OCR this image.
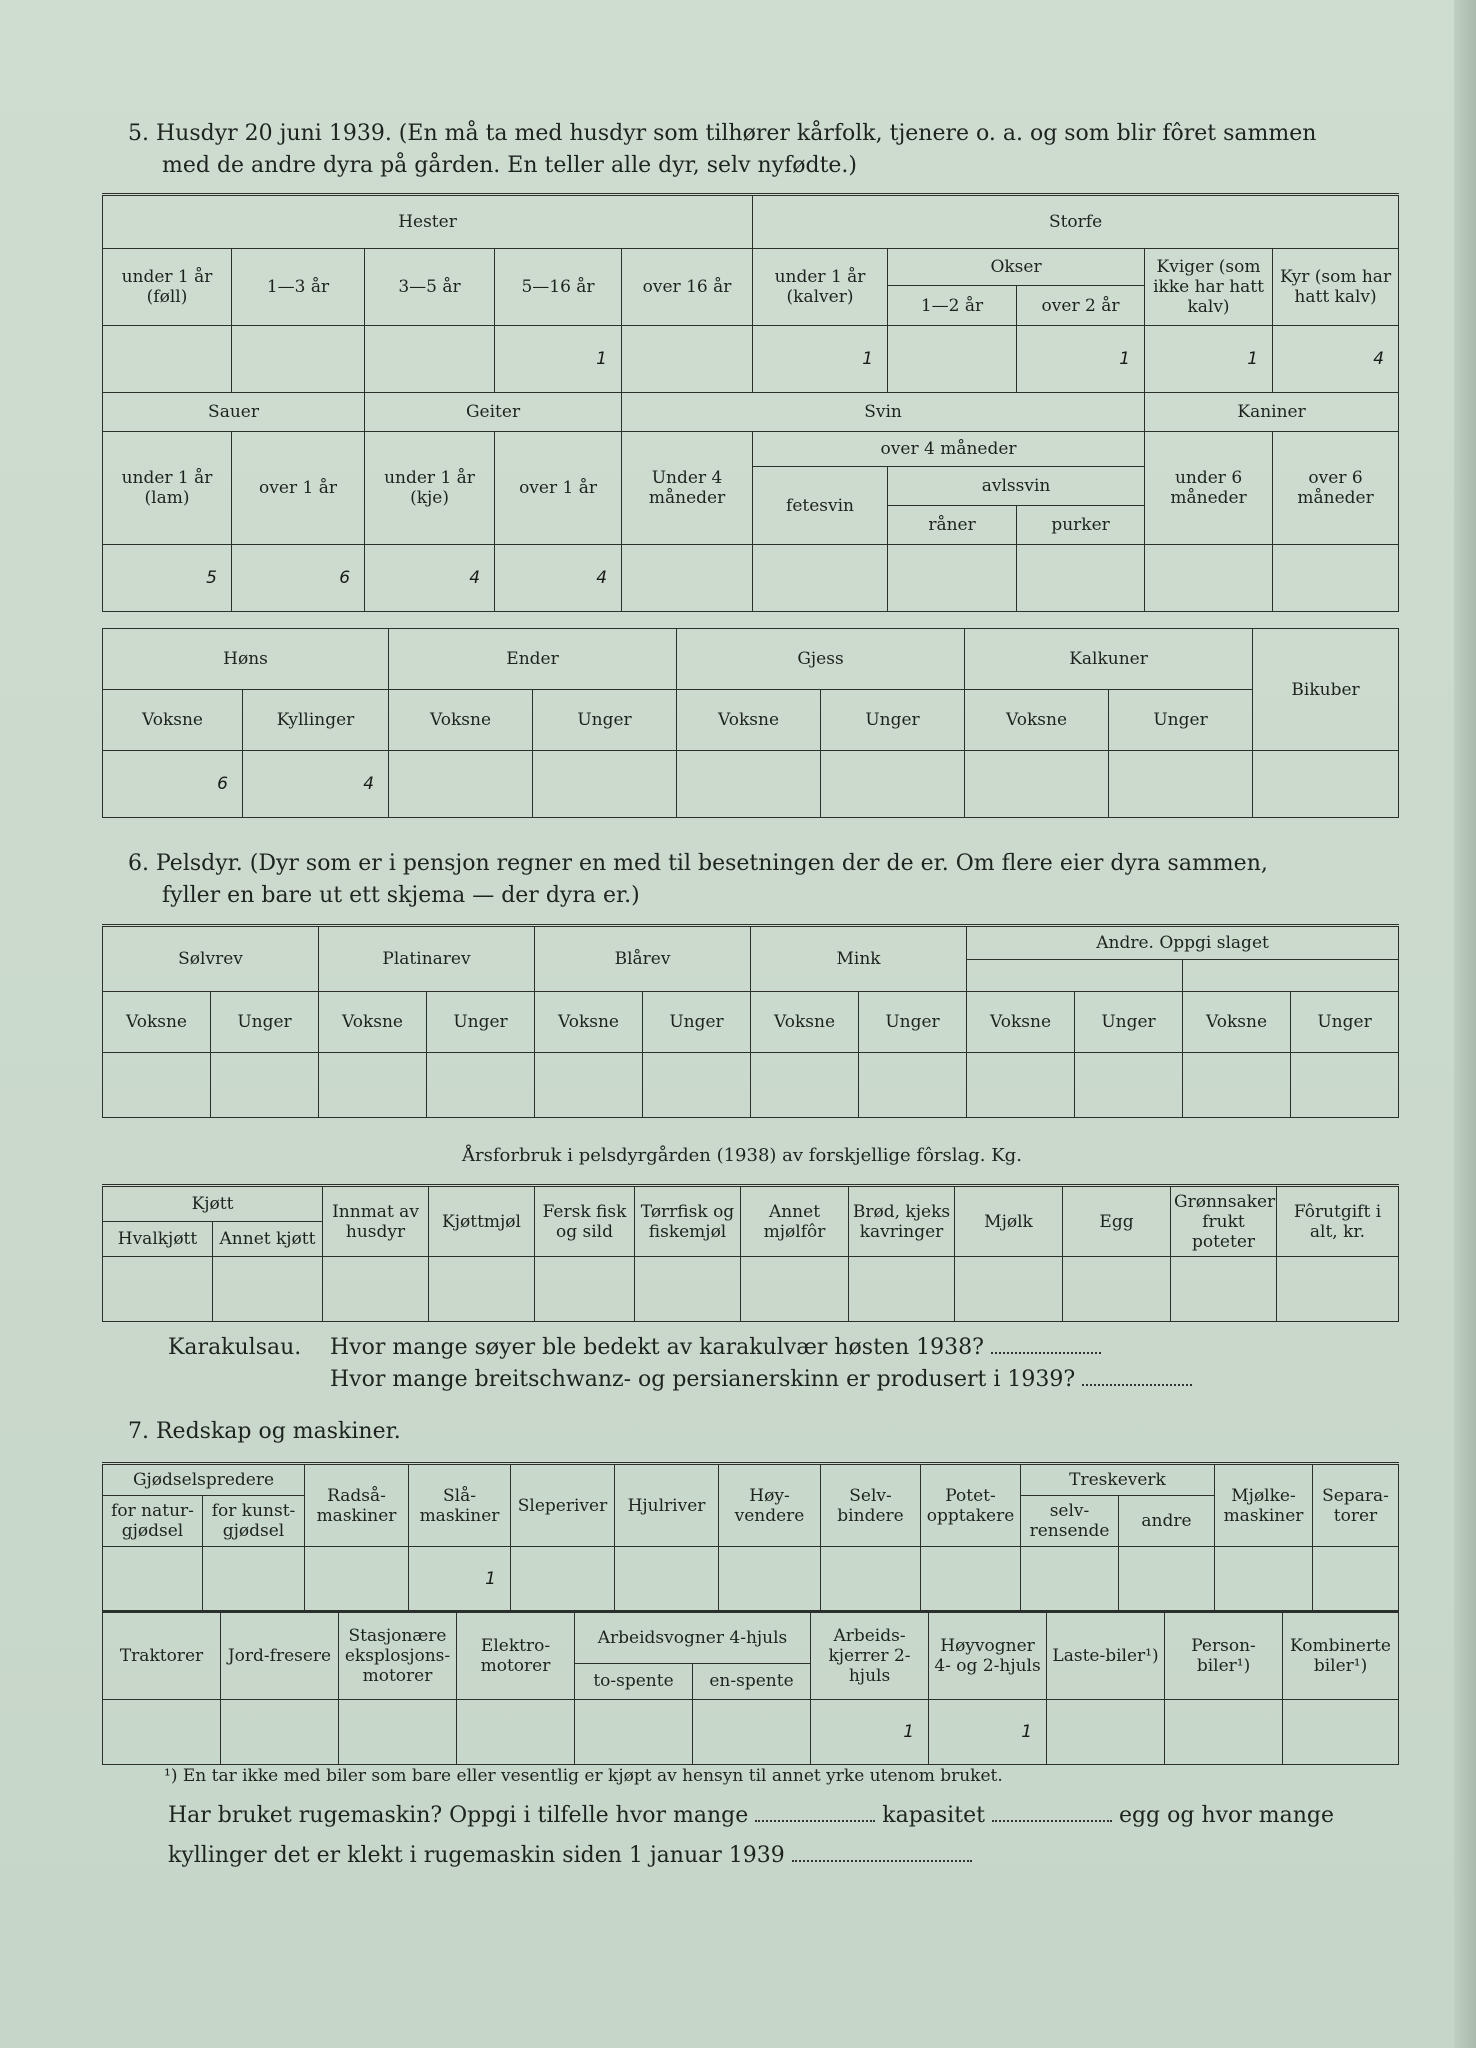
5. Husdyr 20 juni 1939. (En må ta med husdyr som tilhører kårfolk, tjenere o. a. og som blir fôret sammen
med de andre dyra på gården. En teller alle dyr, selv nyfødte.)
Hester					Storfe				
under 1 år (føll)	1—3 år	3—5 år	5—16 år	over 16 år	under 1 år (kalver)	Okser		Kviger (som ikke har hatt kalv)	Kyr (som har hatt kalv)
						1—2 år	over 2 år		
			1		1		1	1	4
Sauer		Geiter		Svin				Kaniner	
under 1 år (lam)	over 1 år	under 1 år (kje)	over 1 år	Under 4 måneder	over 4 måneder			under 6 måneder	over 6 måneder
					fetesvin	avlssvin			
						råner	purker		
5	6	4	4						
Høns		Ender		Gjess		Kalkuner		Bikuber
Voksne	Kyllinger	Voksne	Unger	Voksne	Unger	Voksne	Unger	
6	4							
6. Pelsdyr. (Dyr som er i pensjon regner en med til besetningen der de er. Om flere eier dyra sammen,
fyller en bare ut ett skjema — der dyra er.)
Sølvrev		Platinarev		Blårev		Mink		Andre. Oppgi slaget			

Voksne	Unger	Voksne	Unger	Voksne	Unger	Voksne	Unger	Voksne	Unger	Voksne	Unger

Årsforbruk i pelsdyrgården (1938) av forskjellige fôrslag. Kg.
Kjøtt		Innmat av husdyr	Kjøttmjøl	Fersk fisk og sild	Tørrfisk og fiskemjøl	Annet mjølfôr	Brød, kjeks kavringer	Mjølk	Egg	Grønnsaker frukt poteter	Fôrutgift i alt, kr.
Hvalkjøtt	Annet kjøtt										

Karakulsau. Hvor mange søyer ble bedekt av karakulvær høsten 1938?
Hvor mange breitschwanz- og persianerskinn er produsert i 1939?
7. Redskap og maskiner.
Gjødselspredere		Radså-maskiner	Slå-maskiner	Sleperiver	Hjulriver	Høy-vendere	Selv-bindere	Potet-opptakere	Treskeverk		Mjølke-maskiner	Separa-torer
for natur-gjødsel	for kunst-gjødsel								selv-rensende	andre		
			1									
Traktorer	Jord-freserе	Stasjonære eksplosjons-motorer	Elektro-motorer	Arbeidsvogner 4-hjuls		Arbeids-kjerrer 2-hjuls	Høyvogner 4- og 2-hjuls	Laste-biler¹)	Person-biler¹)	Kombinerte biler¹)
				to-spente	en-spente					
						1	1			
¹) En tar ikke med biler som bare eller vesentlig er kjøpt av hensyn til annet yrke utenom bruket.
Har bruket rugemaskin? Oppgi i tilfelle hvor mange	kapasitet	egg og hvor mange
kyllinger det er klekt i rugemaskin siden 1 januar 1939
